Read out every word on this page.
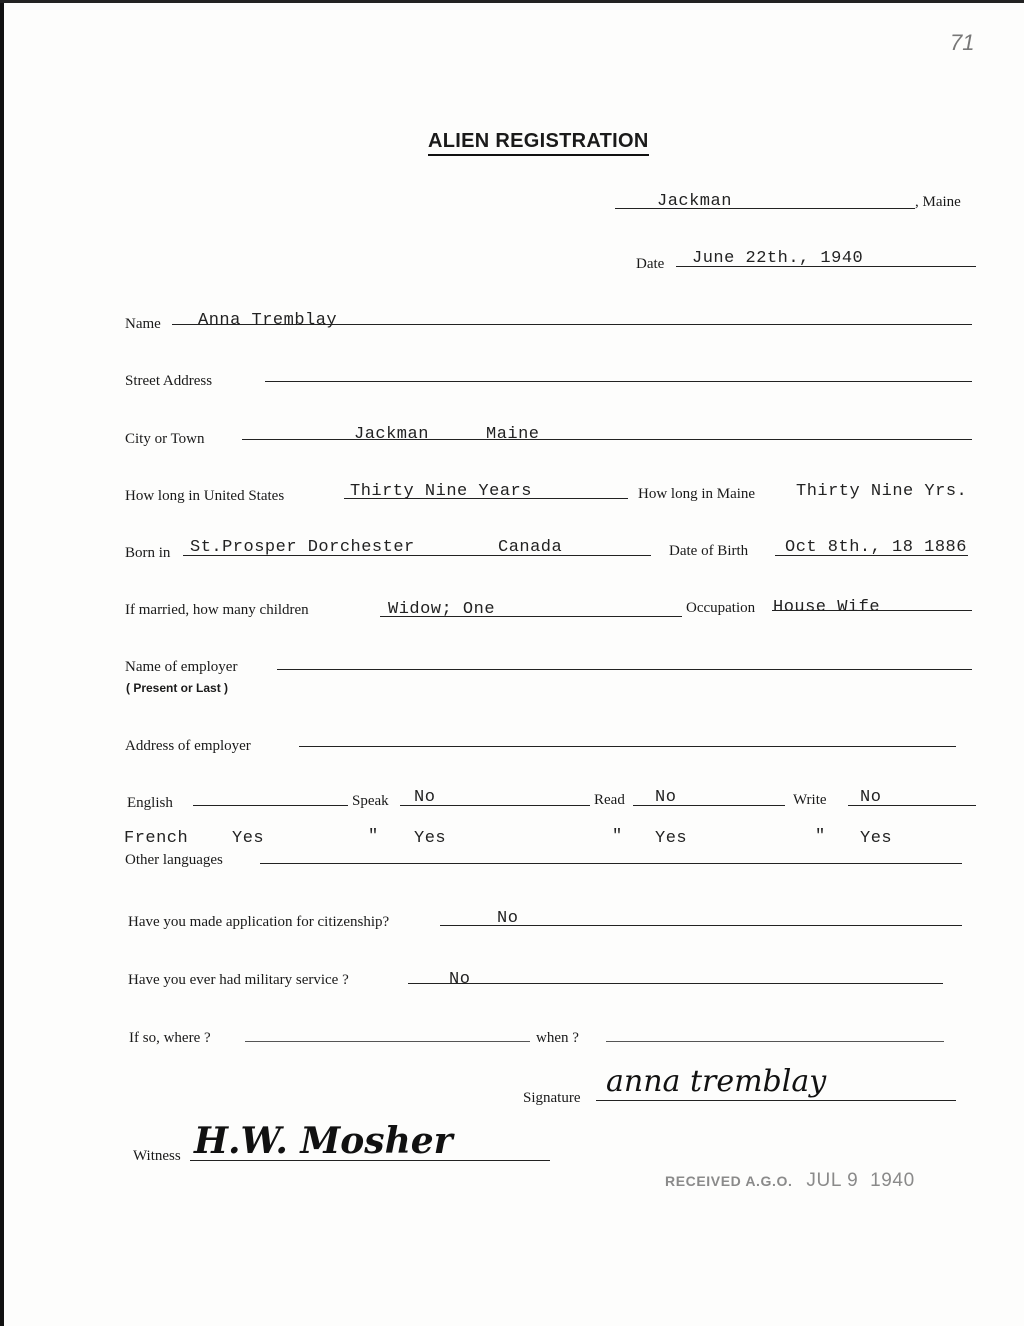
71
ALIEN REGISTRATION
Jackman	, Maine
Date June 22th., 1940
Name Anna Tremblay
Street Address
City or Town	Jackman	Maine
How long in United States	Thirty Nine Years	How long in Maine Thirty Nine Yrs.
Born in St.Prosper Dorchester	Canada	Date of Birth Oct 8th., 18 1886
If married, how many children	Widow; One	Occupation House Wife
Name of employer
( Present or Last )
Address of employer
English	Speak No	Read No	Write No
French	Yes	" Yes	" Yes	" Yes
Other languages
Have you made application for citizenship?	No
Have you ever had military service ?	No
If so, where ?	when ?
Signature anna tremblay
Witness H.W. Mosher
RECEIVED A.G.O. JUL 9  1940
